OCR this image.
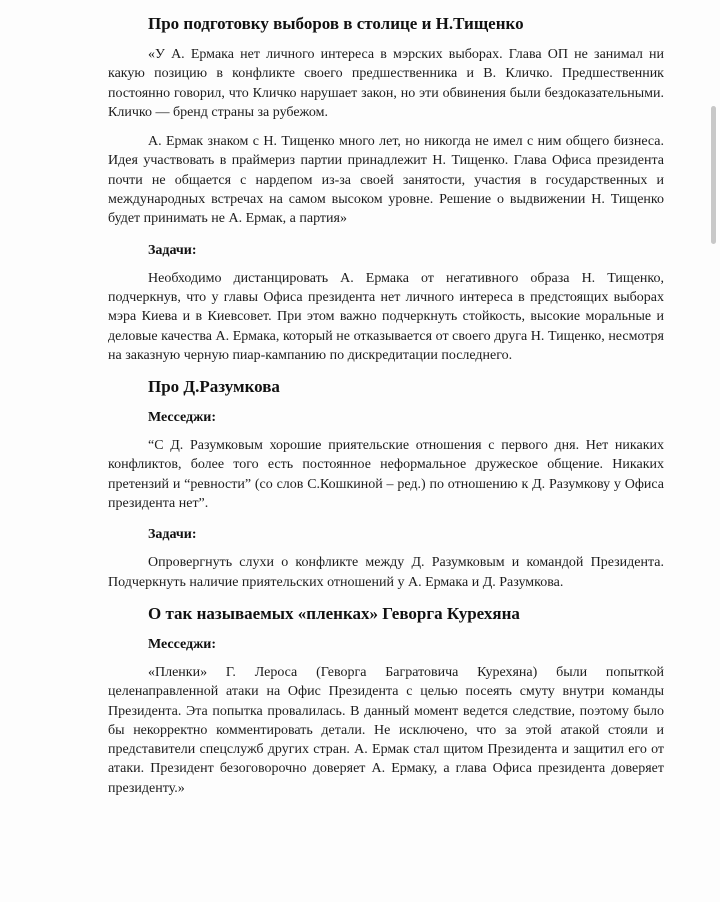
Про подготовку выборов в столице и Н.Тищенко

«У А. Ермака нет личного интереса в мэрских выборах. Глава ОП не занимал ни какую позицию в конфликте своего предшественника и В. Кличко. Предшественник постоянно говорил, что Кличко нарушает закон, но эти обвинения были бездоказательными. Кличко — бренд страны за рубежом.

А. Ермак знаком с Н. Тищенко много лет, но никогда не имел с ним общего бизнеса. Идея участвовать в праймериз партии принадлежит Н. Тищенко. Глава Офиса президента почти не общается с нардепом из-за своей занятости, участия в государственных и международных встречах на самом высоком уровне. Решение о выдвижении Н. Тищенко будет принимать не А. Ермак, а партия»

Задачи:

Необходимо дистанцировать А. Ермака от негативного образа Н. Тищенко, подчеркнув, что у главы Офиса президента нет личного интереса в предстоящих выборах мэра Киева и в Киевсовет. При этом важно подчеркнуть стойкость, высокие моральные и деловые качества А. Ермака, который не отказывается от своего друга Н. Тищенко, несмотря на заказную черную пиар-кампанию по дискредитации последнего.

Про Д.Разумкова
Месседжи:

“С Д. Разумковым хорошие приятельские отношения с первого дня. Нет никаких конфликтов, более того есть постоянное неформальное дружеское общение. Никаких претензий и “ревности” (со слов С.Кошкиной – ред.) по отношению к Д. Разумкову у Офиса президента нет”.

Задачи:

Опровергнуть слухи о конфликте между Д. Разумковым и командой Президента. Подчеркнуть наличие приятельских отношений у А. Ермака и Д. Разумкова.

О так называемых «пленках» Геворга Курехяна
Месседжи:

«Пленки» Г. Лероса (Геворга Багратовича Курехяна) были попыткой целенаправленной атаки на Офис Президента с целью посеять смуту внутри команды Президента. Эта попытка провалилась. В данный момент ведется следствие, поэтому было бы некорректно комментировать детали. Не исключено, что за этой атакой стояли и представители спецслужб других стран. А. Ермак стал щитом Президента и защитил его от атаки. Президент безоговорочно доверяет А. Ермаку, а глава Офиса президента доверяет президенту.»
